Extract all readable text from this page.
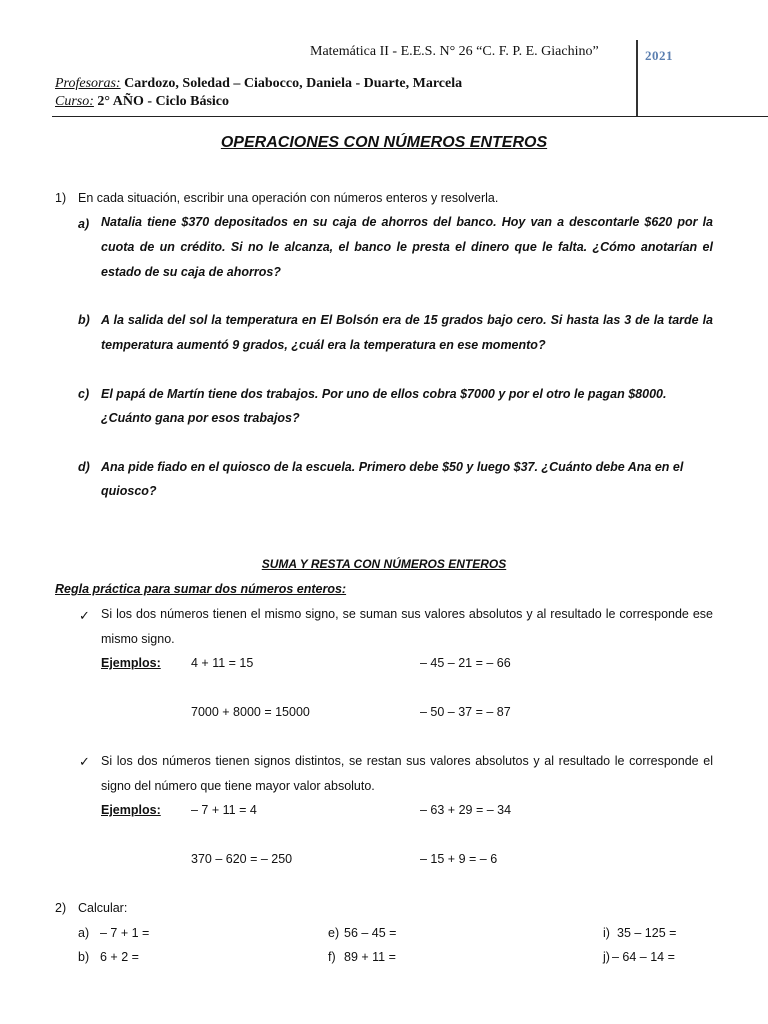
Matemática II - E.E.S. N° 26 “C. F. P. E. Giachino”	2021
Profesoras: Cardozo, Soledad – Ciabocco, Daniela - Duarte, Marcela
Curso: 2° AÑO - Ciclo Básico
OPERACIONES CON NÚMEROS ENTEROS
1) En cada situación, escribir una operación con números enteros y resolverla.
a) Natalia tiene $370 depositados en su caja de ahorros del banco. Hoy van a descontarle $620 por la cuota de un crédito. Si no le alcanza, el banco le presta el dinero que le falta. ¿Cómo anotarían el estado de su caja de ahorros?
b) A la salida del sol la temperatura en El Bolsón era de 15 grados bajo cero. Si hasta las 3 de la tarde la temperatura aumentó 9 grados, ¿cuál era la temperatura en ese momento?
c) El papá de Martín tiene dos trabajos. Por uno de ellos cobra $7000 y por el otro le pagan $8000.
¿Cuánto gana por esos trabajos?
d) Ana pide fiado en el quiosco de la escuela. Primero debe $50 y luego $37. ¿Cuánto debe Ana en el
quiosco?
SUMA Y RESTA CON NÚMEROS ENTEROS
Regla práctica para sumar dos números enteros:
✓ Si los dos números tienen el mismo signo, se suman sus valores absolutos y al resultado le corresponde ese mismo signo.
Ejemplos: 4 + 11 = 15	– 45 – 21 = – 66
7000 + 8000 = 15000	– 50 – 37 = – 87
✓ Si los dos números tienen signos distintos, se restan sus valores absolutos y al resultado le corresponde el signo del número que tiene mayor valor absoluto.
Ejemplos: – 7 + 11 = 4	– 63 + 29 = – 34
370 – 620 = – 250	– 15 + 9 = – 6
2) Calcular:
a) – 7 + 1 =	e) 56 – 45 =	i) 35 – 125 =
b) 6 + 2 =	f) 89 + 11 =	j) – 64 – 14 =
